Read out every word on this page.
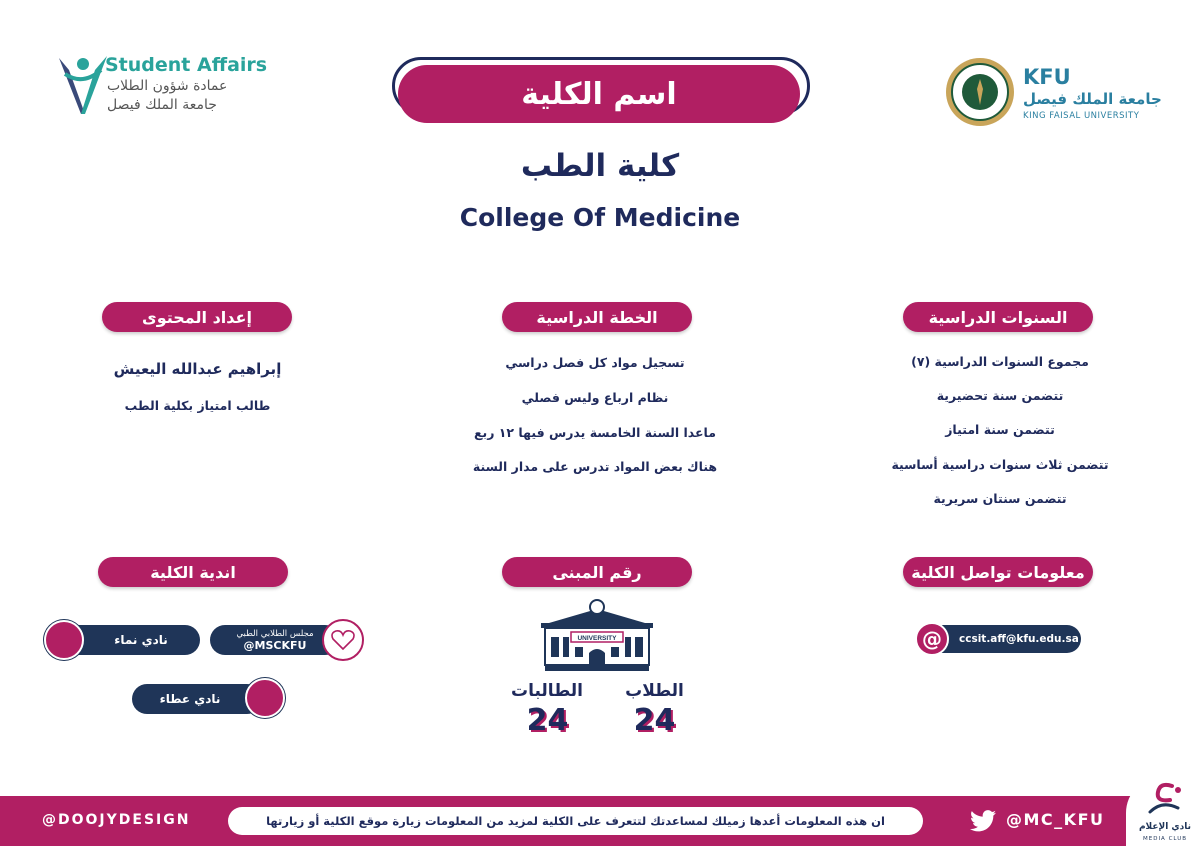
Student Affairs
عمادة شؤون الطلاب
جامعة الملك فيصل	اسم الكلية	KFU
جامعة الملك فيصل
KING FAISAL UNIVERSITY
كلية الطب
College Of Medicine
السنوات الدراسية
الخطة الدراسية
إعداد المحتوى
مجموع السنوات الدراسية (٧)
تتضمن سنة تحضيرية
تتضمن سنة امتياز
تتضمن ثلاث سنوات دراسية أساسية
تتضمن سنتان سريرية
تسجيل مواد كل فصل دراسي
نظام ارباع وليس فصلي
ماعدا السنة الخامسة يدرس فيها ١٢ ربع
هناك بعض المواد تدرس على مدار السنة
إبراهيم عبدالله اليعيش
طالب امتياز بكلية الطب
معلومات تواصل الكلية
رقم المبنى
اندية الكلية
ccsit.aff@kfu.edu.sa
@
UNIVERSITY
الطلاب
الطالبات
24
24
مجلس الطلابي الطبي
@MSCKFU
نادي نماء
نادي عطاء
@DOOJYDESIGN	ان هذه المعلومات أعدها زميلك لمساعدتك لتتعرف على الكلية لمزيد من المعلومات زيارة موقع الكلية أو زيارتها	@MC_KFU	نادي الإعلام
MEDIA CLUB
